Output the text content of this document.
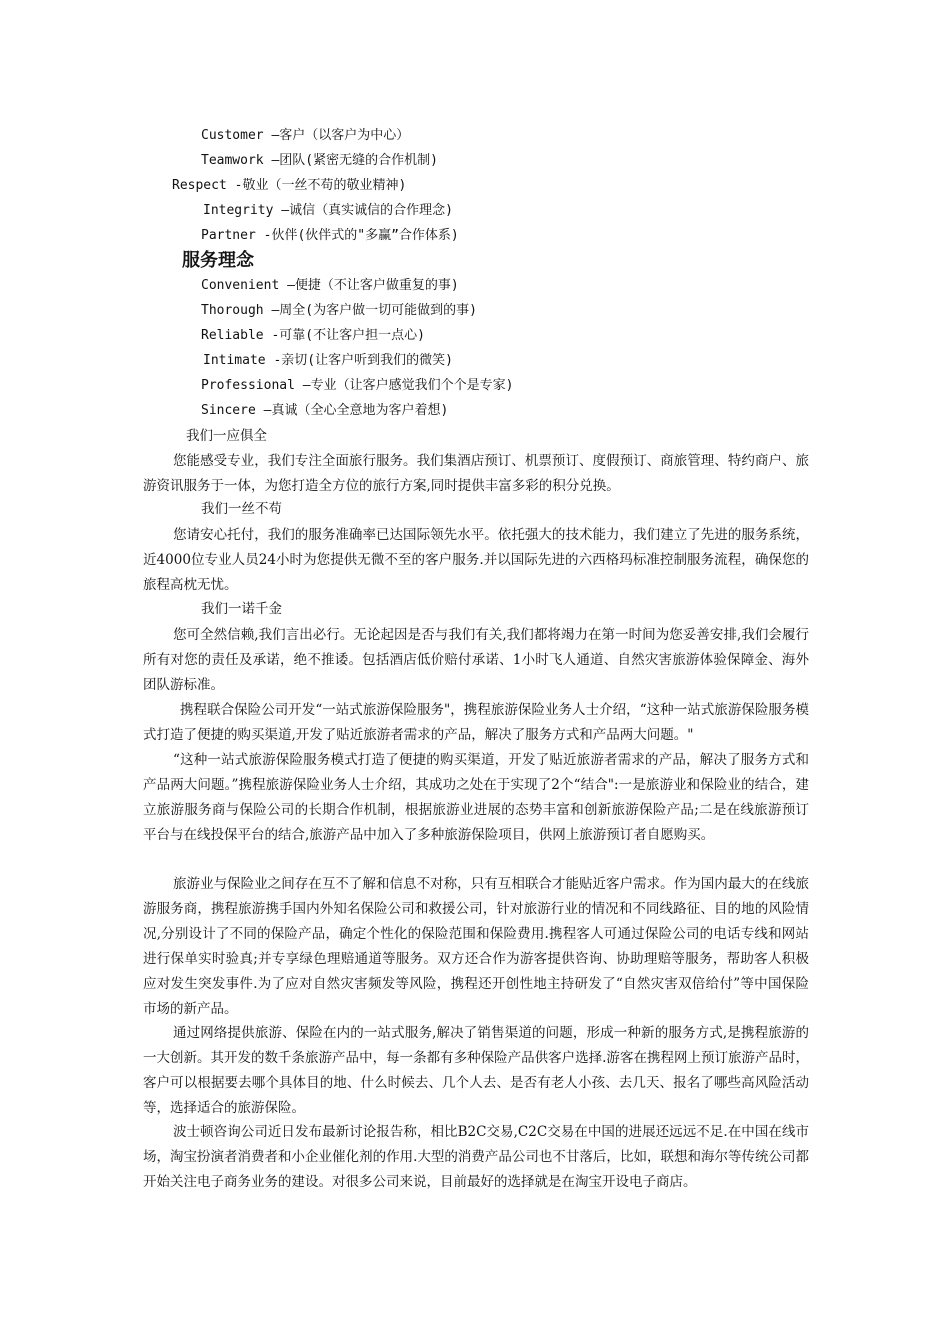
Customer —客户（以客户为中心）
Teamwork —团队(紧密无缝的合作机制)
Respect -敬业（一丝不苟的敬业精神)
Integrity —诚信（真实诚信的合作理念)
Partner -伙伴(伙伴式的"多赢”合作体系)
服务理念
Convenient —便捷（不让客户做重复的事)
Thorough —周全(为客户做一切可能做到的事)
Reliable -可靠(不让客户担一点心)
Intimate -亲切(让客户听到我们的微笑)
Professional —专业（让客户感觉我们个个是专家)
Sincere —真诚（全心全意地为客户着想)
我们一应俱全
您能感受专业，我们专注全面旅行服务。我们集酒店预订、机票预订、度假预订、商旅管理、特约商户、旅游资讯服务于一体，为您打造全方位的旅行方案,同时提供丰富多彩的积分兑换。
我们一丝不苟
您请安心托付，我们的服务准确率已达国际领先水平。依托强大的技术能力，我们建立了先进的服务系统，近4000位专业人员24小时为您提供无微不至的客户服务.并以国际先进的六西格玛标准控制服务流程，确保您的旅程高枕无忧。
我们一诺千金
您可全然信赖,我们言出必行。无论起因是否与我们有关,我们都将竭力在第一时间为您妥善安排,我们会履行所有对您的责任及承诺，绝不推诿。包括酒店低价赔付承诺、1小时飞人通道、自然灾害旅游体验保障金、海外团队游标准。
携程联合保险公司开发“一站式旅游保险服务"，携程旅游保险业务人士介绍，“这种一站式旅游保险服务模式打造了便捷的购买渠道,开发了贴近旅游者需求的产品，解决了服务方式和产品两大问题。"
“这种一站式旅游保险服务模式打造了便捷的购买渠道，开发了贴近旅游者需求的产品，解决了服务方式和产品两大问题。”携程旅游保险业务人士介绍，其成功之处在于实现了2个“结合":一是旅游业和保险业的结合，建立旅游服务商与保险公司的长期合作机制，根据旅游业进展的态势丰富和创新旅游保险产品;二是在线旅游预订平台与在线投保平台的结合,旅游产品中加入了多种旅游保险项目，供网上旅游预订者自愿购买。
旅游业与保险业之间存在互不了解和信息不对称，只有互相联合才能贴近客户需求。作为国内最大的在线旅游服务商，携程旅游携手国内外知名保险公司和救援公司，针对旅游行业的情况和不同线路征、目的地的风险情况,分别设计了不同的保险产品，确定个性化的保险范围和保险费用.携程客人可通过保险公司的电话专线和网站进行保单实时验真;并专享绿色理赔通道等服务。双方还合作为游客提供咨询、协助理赔等服务，帮助客人积极应对发生突发事件.为了应对自然灾害频发等风险，携程还开创性地主持研发了“自然灾害双倍给付”等中国保险市场的新产品。
通过网络提供旅游、保险在内的一站式服务,解决了销售渠道的问题，形成一种新的服务方式,是携程旅游的一大创新。其开发的数千条旅游产品中，每一条都有多种保险产品供客户选择.游客在携程网上预订旅游产品时，客户可以根据要去哪个具体目的地、什么时候去、几个人去、是否有老人小孩、去几天、报名了哪些高风险活动等，选择适合的旅游保险。
波士顿咨询公司近日发布最新讨论报告称，相比B2C交易,C2C交易在中国的进展还远远不足.在中国在线市场，淘宝扮演者消费者和小企业催化剂的作用.大型的消费产品公司也不甘落后，比如，联想和海尔等传统公司都开始关注电子商务业务的建设。对很多公司来说，目前最好的选择就是在淘宝开设电子商店。
